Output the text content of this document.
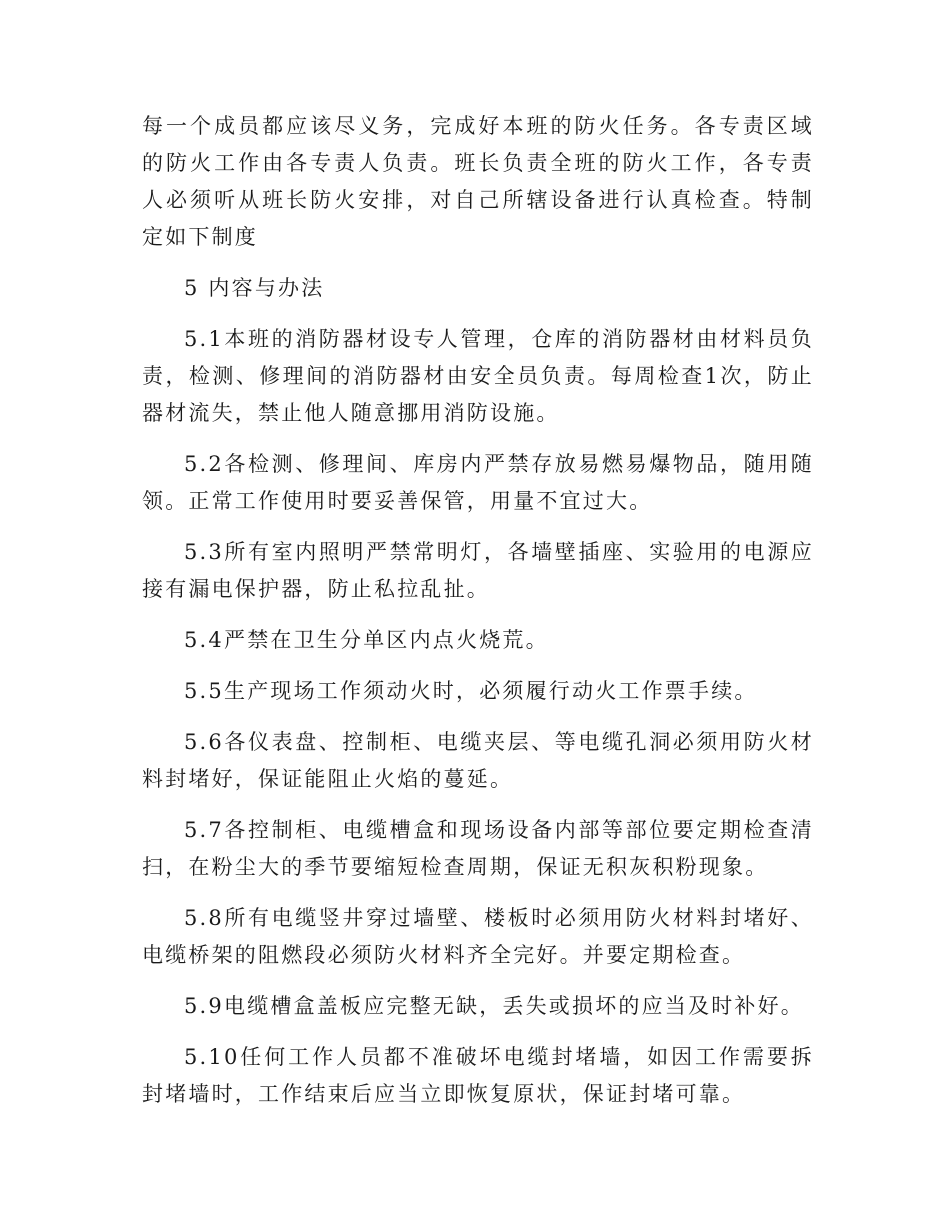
每一个成员都应该尽义务，完成好本班的防火任务。各专责区域的防火工作由各专责人负责。班长负责全班的防火工作，各专责人必须听从班长防火安排，对自己所辖设备进行认真检查。特制定如下制度

5 内容与办法

5.1本班的消防器材设专人管理，仓库的消防器材由材料员负责，检测、修理间的消防器材由安全员负责。每周检查1次，防止器材流失，禁止他人随意挪用消防设施。

5.2各检测、修理间、库房内严禁存放易燃易爆物品，随用随领。正常工作使用时要妥善保管，用量不宜过大。

5.3所有室内照明严禁常明灯，各墙壁插座、实验用的电源应接有漏电保护器，防止私拉乱扯。

5.4严禁在卫生分单区内点火烧荒。

5.5生产现场工作须动火时，必须履行动火工作票手续。

5.6各仪表盘、控制柜、电缆夹层、等电缆孔洞必须用防火材料封堵好，保证能阻止火焰的蔓延。

5.7各控制柜、电缆槽盒和现场设备内部等部位要定期检查清扫，在粉尘大的季节要缩短检查周期，保证无积灰积粉现象。

5.8所有电缆竖井穿过墙壁、楼板时必须用防火材料封堵好、电缆桥架的阻燃段必须防火材料齐全完好。并要定期检查。

5.9电缆槽盒盖板应完整无缺，丢失或损坏的应当及时补好。

5.10任何工作人员都不准破坏电缆封堵墙，如因工作需要拆封堵墙时，工作结束后应当立即恢复原状，保证封堵可靠。
